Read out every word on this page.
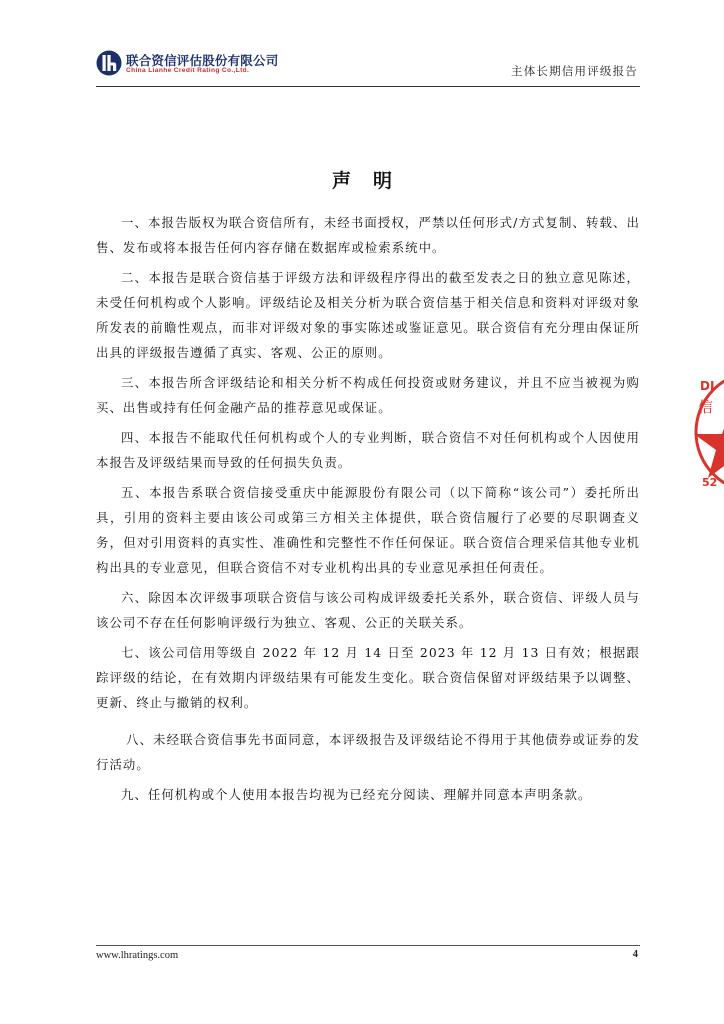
联合资信评估股份有限公司
China Lianhe Credit Rating Co.,Ltd.	主体长期信用评级报告
声明

一、本报告版权为联合资信所有，未经书面授权，严禁以任何形式/方式复制、转载、出售、发布或将本报告任何内容存储在数据库或检索系统中。

二、本报告是联合资信基于评级方法和评级程序得出的截至发表之日的独立意见陈述，未受任何机构或个人影响。评级结论及相关分析为联合资信基于相关信息和资料对评级对象所发表的前瞻性观点，而非对评级对象的事实陈述或鉴证意见。联合资信有充分理由保证所出具的评级报告遵循了真实、客观、公正的原则。

三、本报告所含评级结论和相关分析不构成任何投资或财务建议，并且不应当被视为购买、出售或持有任何金融产品的推荐意见或保证。

四、本报告不能取代任何机构或个人的专业判断，联合资信不对任何机构或个人因使用本报告及评级结果而导致的任何损失负责。

五、本报告系联合资信接受重庆中能源股份有限公司（以下简称“该公司”）委托所出具，引用的资料主要由该公司或第三方相关主体提供，联合资信履行了必要的尽职调查义务，但对引用资料的真实性、准确性和完整性不作任何保证。联合资信合理采信其他专业机构出具的专业意见，但联合资信不对专业机构出具的专业意见承担任何责任。

六、除因本次评级事项联合资信与该公司构成评级委托关系外，联合资信、评级人员与该公司不存在任何影响评级行为独立、客观、公正的关联关系。

七、该公司信用等级自 2022 年 12 月 14 日至 2023 年 12 月 13 日有效；根据跟踪评级的结论，在有效期内评级结果有可能发生变化。联合资信保留对评级结果予以调整、更新、终止与撤销的权利。

八、未经联合资信事先书面同意，本评级报告及评级结论不得用于其他债券或证券的发行活动。

九、任何机构或个人使用本报告均视为已经充分阅读、理解并同意本声明条款。

DI
信
52
www.lhratings.com	4
